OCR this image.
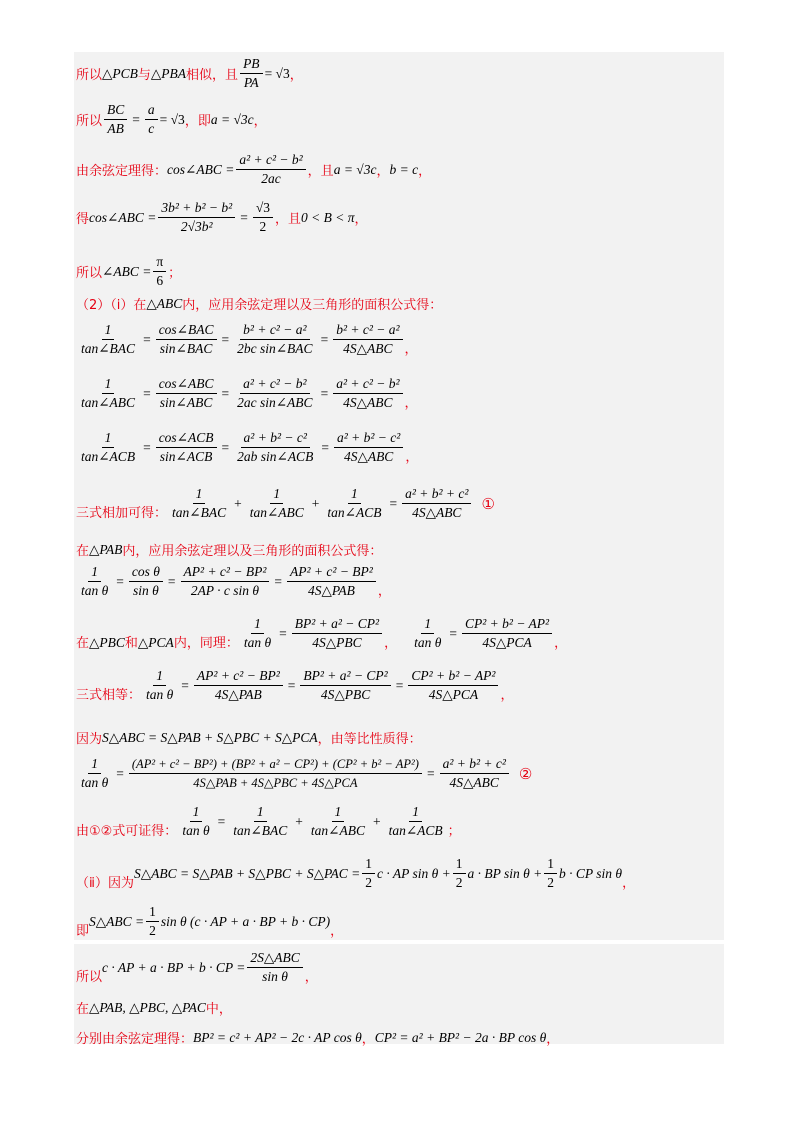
所以 △PCB 与 △PBA 相似，且 $\frac{PB}{PA} = √3$ ，
所以 $\frac{BC}{AB} = \frac{a}{c} = √3$ ，即 a = √3c ，
由余弦定理得： cos∠ABC = $\frac{\text{a² + c² − b²}}{2ac}$ ，且 a = √3c ， b = c ，
得 cos∠ABC = $\frac{\text{3b² + b² − b²}}{\text{2√3b²}} = \frac{√3}{2}$ ，且 0 < B < π ，
所以 ∠ABC = $\frac{\pi}{6}$ ；
（2）（ⅰ）在 △ABC 内，应用余弦定理以及三角形的面积公式得：
$\frac{1}{\text{tan∠BAC}} = \frac{\text{cos∠BAC}}{\text{sin∠BAC}} = \frac{\text{b² + c² − a²}}{\text{2bc sin∠BAC}} = \frac{\text{b² + c² − a²}}{\text{4S△ABC}}$ ，
$\frac{1}{\text{tan∠ABC}} = \frac{\text{cos∠ABC}}{\text{sin∠ABC}} = \frac{\text{a² + c² − b²}}{\text{2ac sin∠ABC}} = \frac{\text{a² + c² − b²}}{\text{4S△ABC}}$ ，
$\frac{1}{\text{tan∠ACB}} = \frac{\text{cos∠ACB}}{\text{sin∠ACB}} = \frac{\text{a² + b² − c²}}{\text{2ab sin∠ACB}} = \frac{\text{a² + b² − c²}}{\text{4S△ABC}}$ ，
三式相加可得： $\frac{1}{\text{tan∠BAC}} + \frac{1}{\text{tan∠ABC}} + \frac{1}{\text{tan∠ACB}} = \frac{\text{a² + b² + c²}}{\text{4S△ABC}}$ ①
在 △PAB 内，应用余弦定理以及三角形的面积公式得：
$\frac{1}{\text{tan θ}} = \frac{\text{cos θ}}{\text{sin θ}} = \frac{\text{AP² + c² − BP²}}{\text{2AP · c sin θ}} = \frac{\text{AP² + c² − BP²}}{\text{4S△PAB}}$ ，
在 △PBC 和 △PCA 内，同理： $\frac{1}{\text{tan θ}} = \frac{\text{BP² + a² − CP²}}{\text{4S△PBC}}$ ， $\frac{1}{\text{tan θ}} = \frac{\text{CP² + b² − AP²}}{\text{4S△PCA}}$ ，
三式相等： $\frac{1}{\text{tan θ}} = \frac{\text{AP² + c² − BP²}}{\text{4S△PAB}} = \frac{\text{BP² + a² − CP²}}{\text{4S△PBC}} = \frac{\text{CP² + b² − AP²}}{\text{4S△PCA}}$ ，
因为 S△ABC = S△PAB + S△PBC + S△PCA ，由等比性质得：
$\frac{1}{\text{tan θ}} = \frac{\text{(AP² + c² − BP²) + (BP² + a² − CP²) + (CP² + b² − AP²)}}{\text{4S△PAB + 4S△PBC + 4S△PCA}} = \frac{\text{a² + b² + c²}}{\text{4S△ABC}}$ ②
由①②式可证得： $\frac{1}{\text{tan θ}} = \frac{1}{\text{tan∠BAC}} + \frac{1}{\text{tan∠ABC}} + \frac{1}{\text{tan∠ACB}}$ ；
（ⅱ）因为
S△ABC = S△PAB + S△PBC + S△PAC = $\frac{1}{2}$ c · AP $\sin \theta + \frac{1}{2}$ a · BP $\sin \theta + \frac{1}{2}$ b · CP sin θ
，
即
S△ABC = $\frac{1}{2}$ sin θ (c · AP + a · BP + b · CP)
，
所以
c · AP + a · BP + b · CP = $\frac{\text{2S△ABC}}{\text{sin θ}}$ ，
在 △PAB, △PBC, △PAC 中，
分别由余弦定理得： BP² = c² + AP² − 2c · AP cos θ ， CP² = a² + BP² − 2a · BP cos θ ，
